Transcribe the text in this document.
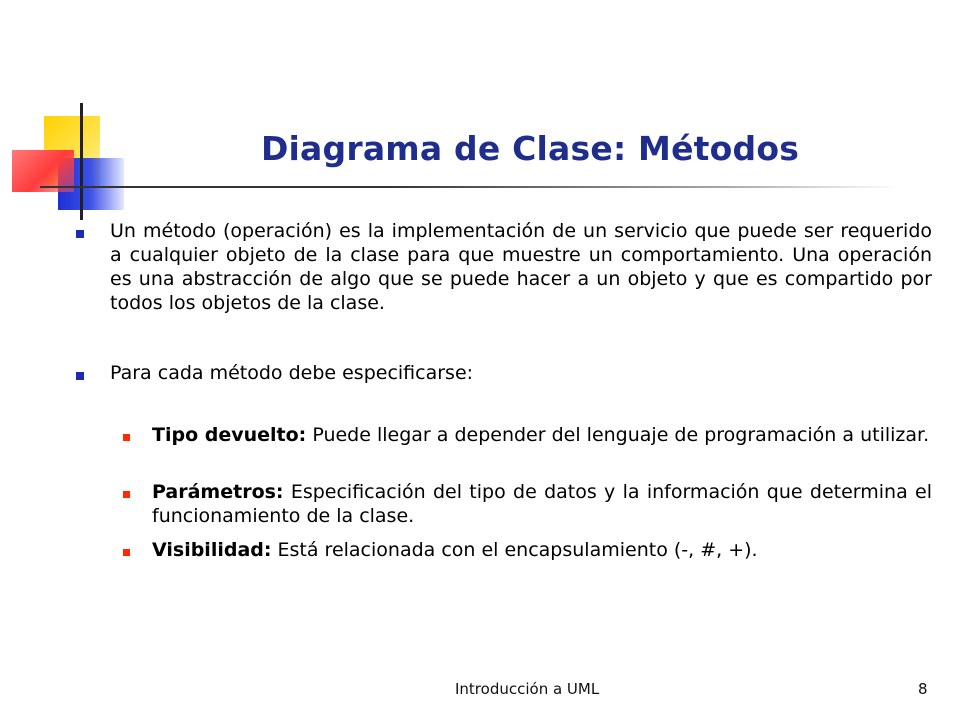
Diagrama de Clase: Métodos
Un método (operación) es la implementación de un servicio que puede ser requerido a cualquier objeto de la clase para que muestre un comportamiento. Una operación es una abstracción de algo que se puede hacer a un objeto y que es compartido por todos los objetos de la clase.
Para cada método debe especificarse:
Tipo devuelto: Puede llegar a depender del lenguaje de programación a utilizar.
Parámetros: Especificación del tipo de datos y la información que determina el funcionamiento de la clase.
Visibilidad: Está relacionada con el encapsulamiento (-, #, +).
Introducción a UML	8
